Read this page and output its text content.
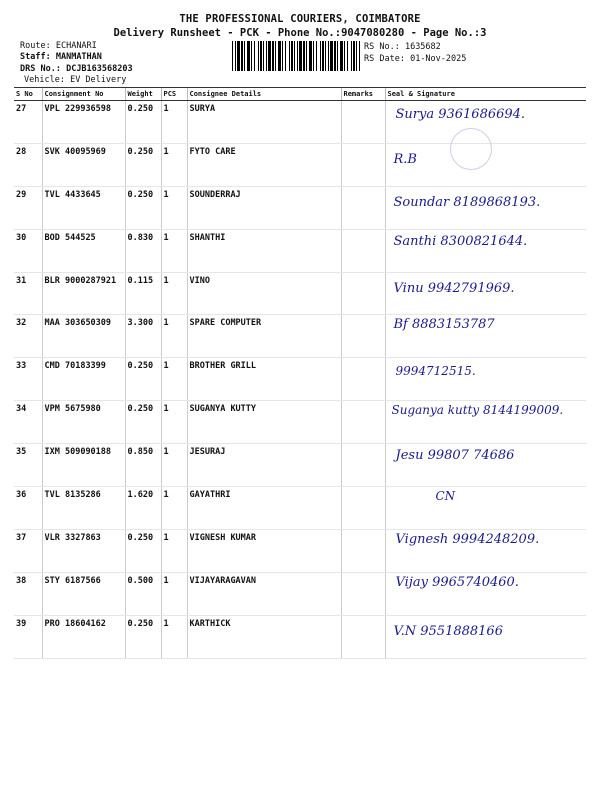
THE PROFESSIONAL COURIERS, COIMBATORE
Delivery Runsheet - PCK - Phone No.:9047080280 - Page No.:3
Route: ECHANARI
Staff: MANMATHAN
DRS No.: DCJB163568203
Vehicle: EV Delivery
RS No.: 1635682
RS Date: 01-Nov-2025
S No	Consignment No	Weight	PCS	Consignee Details	Remarks	Seal & Signature
27	VPL 229936598	0.250	1	SURYA		Surya 9361686694.

28	SVK 40095969	0.250	1	FYTO CARE		R.B

29	TVL 4433645	0.250	1	SOUNDERRAJ		Soundar 8189868193.

30	BOD 544525	0.830	1	SHANTHI		Santhi 8300821644.

31	BLR 9000287921	0.115	1	VINO		Vinu 9942791969.

32	MAA 303650309	3.300	1	SPARE COMPUTER		Bf 8883153787

33	CMD 70183399	0.250	1	BROTHER GRILL		9994712515.

34	VPM 5675980	0.250	1	SUGANYA KUTTY		Suganya kutty 8144199009.

35	IXM 509090188	0.850	1	JESURAJ		Jesu 99807 74686

36	TVL 8135286	1.620	1	GAYATHRI		CN

37	VLR 3327863	0.250	1	VIGNESH KUMAR		Vignesh 9994248209.

38	STY 6187566	0.500	1	VIJAYARAGAVAN		Vijay 9965740460.

39	PRO 18604162	0.250	1	KARTHICK		V.N 9551888166
